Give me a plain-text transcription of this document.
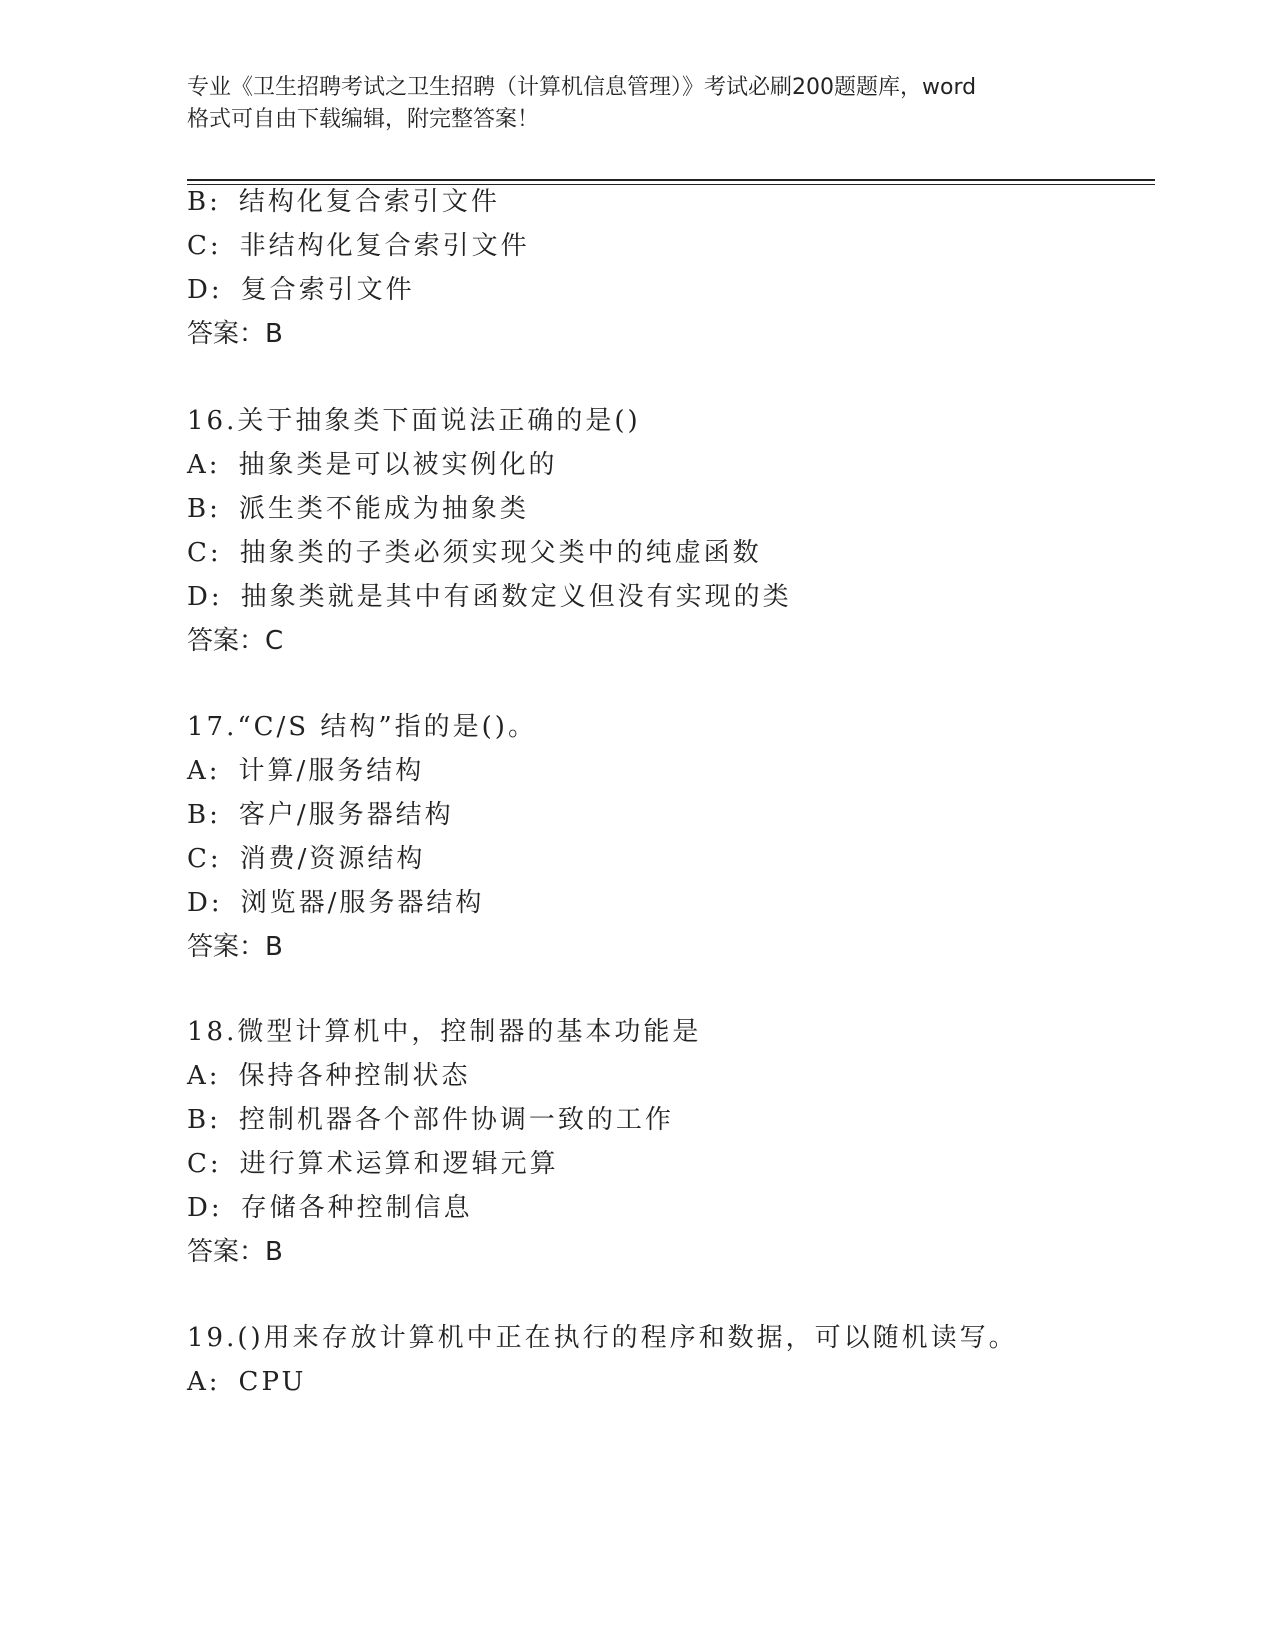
专业《卫生招聘考试之卫生招聘（计算机信息管理）》考试必刷200题题库，word
格式可自由下载编辑，附完整答案！
B: 结构化复合索引文件
C: 非结构化复合索引文件
D: 复合索引文件
答案：B
16.关于抽象类下面说法正确的是()
A: 抽象类是可以被实例化的
B: 派生类不能成为抽象类
C: 抽象类的子类必须实现父类中的纯虚函数
D: 抽象类就是其中有函数定义但没有实现的类
答案：C
17.“C/S 结构”指的是()。
A: 计算/服务结构
B: 客户/服务器结构
C: 消费/资源结构
D: 浏览器/服务器结构
答案：B
18.微型计算机中，控制器的基本功能是
A: 保持各种控制状态
B: 控制机器各个部件协调一致的工作
C: 进行算术运算和逻辑元算
D: 存储各种控制信息
答案：B
19.()用来存放计算机中正在执行的程序和数据，可以随机读写。
A: CPU
